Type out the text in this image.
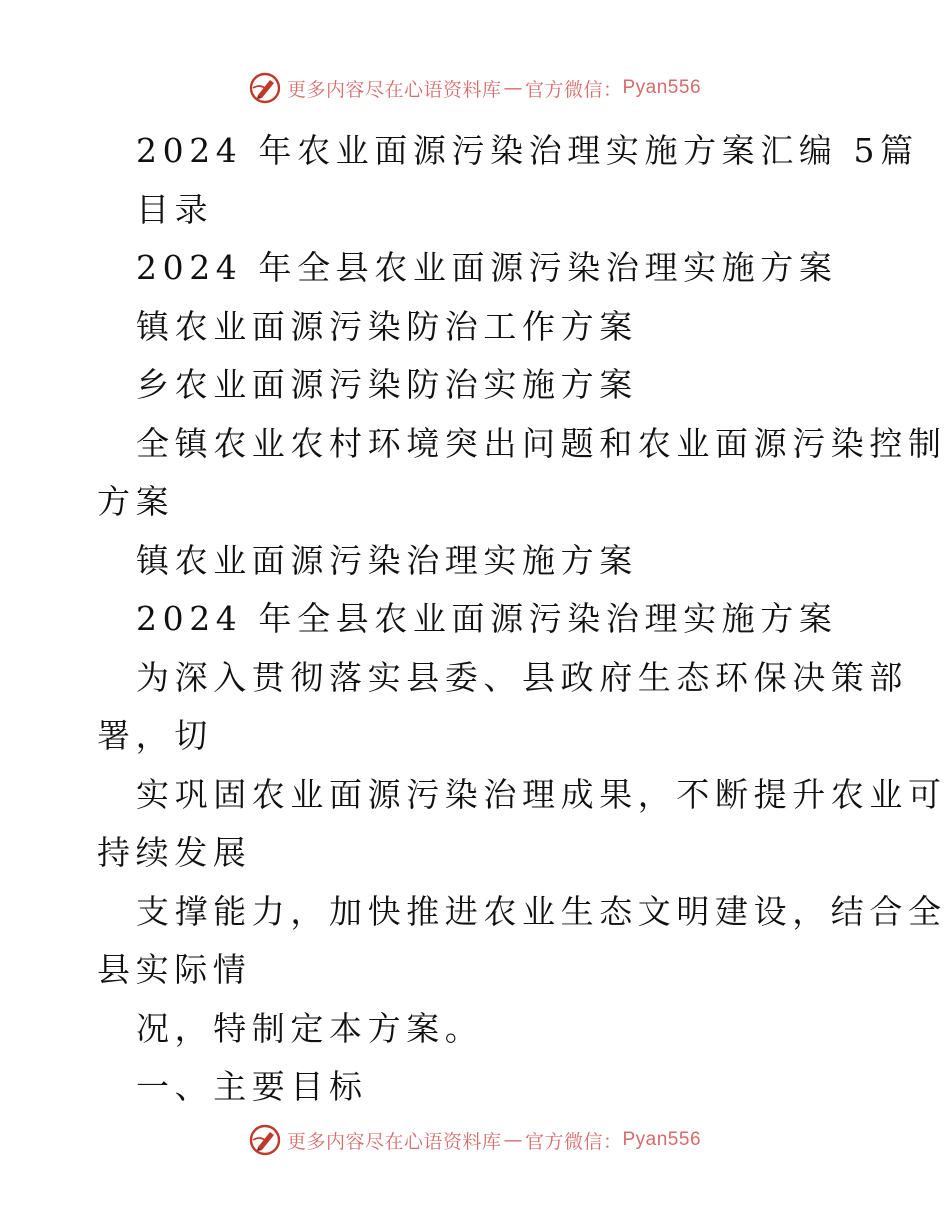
更多内容尽在心语资料库 — 官方微信： Pyan556
2024 年农业面源污染治理实施方案汇编 5篇
目录
2024 年全县农业面源污染治理实施方案
镇农业面源污染防治工作方案
乡农业面源污染防治实施方案
全镇农业农村环境突出问题和农业面源污染控制
方案
镇农业面源污染治理实施方案
2024 年全县农业面源污染治理实施方案
为深入贯彻落实县委、县政府生态环保决策部
署，切
实巩固农业面源污染治理成果，不断提升农业可
持续发展
支撑能力，加快推进农业生态文明建设，结合全
县实际情
况，特制定本方案。
一、主要目标
更多内容尽在心语资料库 — 官方微信： Pyan556
